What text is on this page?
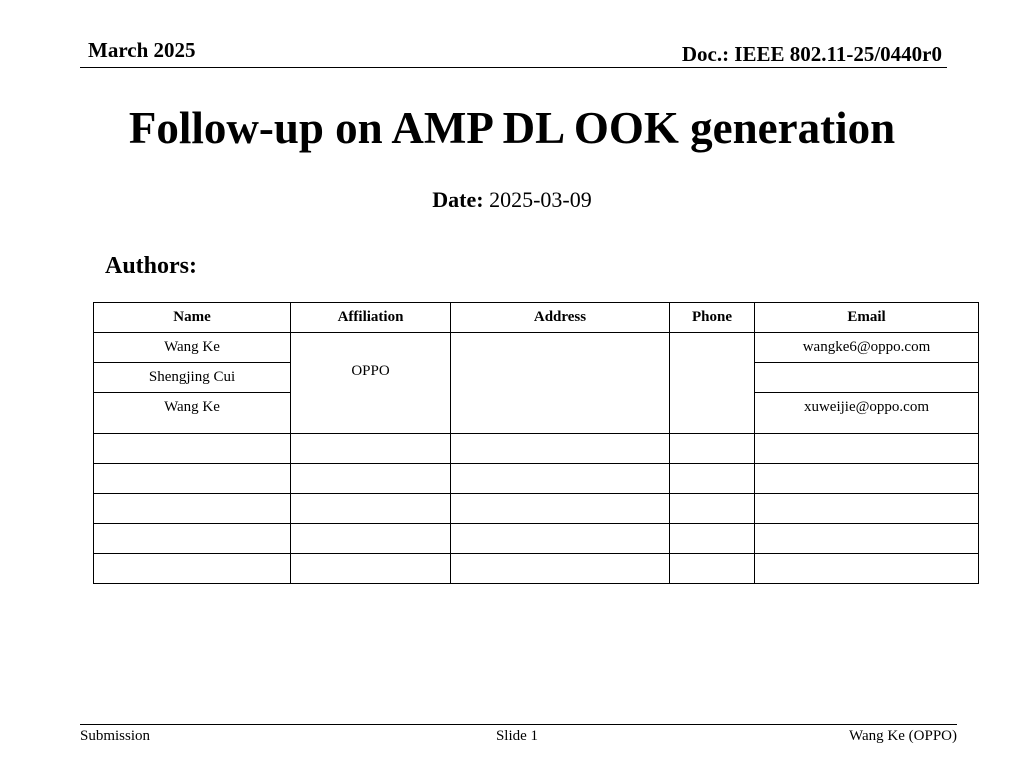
March 2025	Doc.: IEEE 802.11-25/0440r0
Follow-up on AMP DL OOK generation
Date: 2025-03-09
Authors:
Name	Affiliation	Address	Phone	Email
Wang Ke	OPPO			wangke6@oppo.com
Shengjing Cui				
Wang Ke				xuweijie@oppo.com

Submission	Slide 1	Wang Ke (OPPO)
